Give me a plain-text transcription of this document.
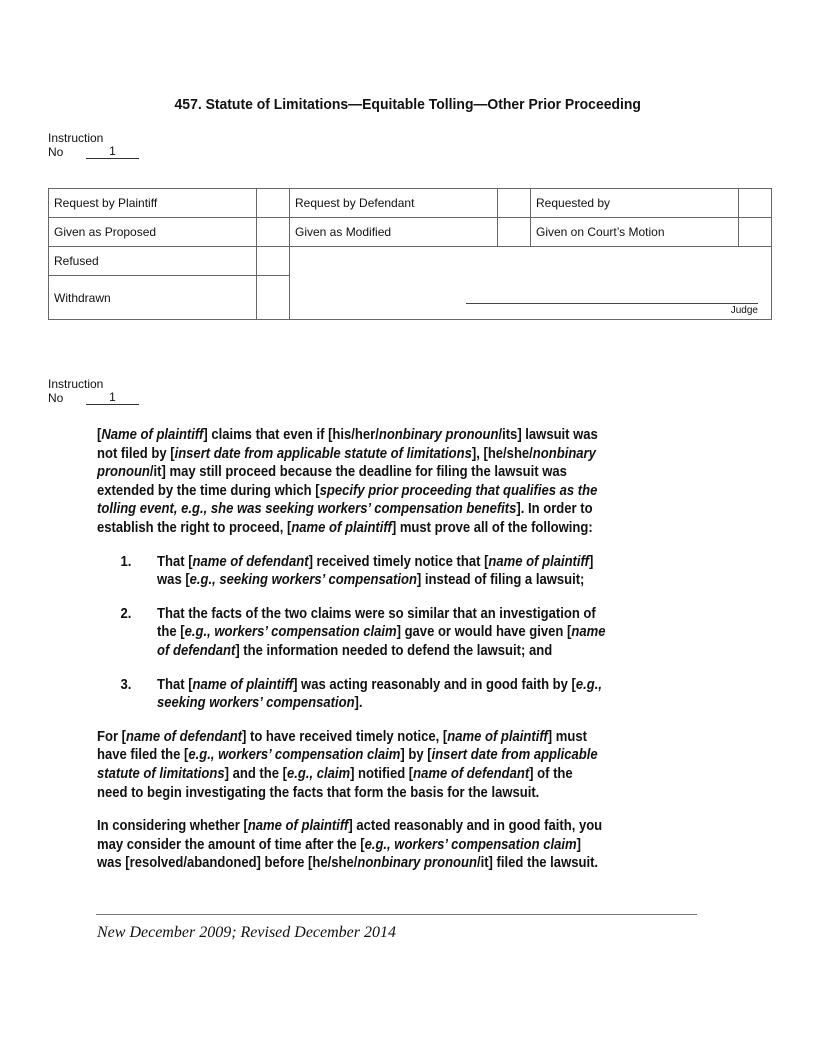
457. Statute of Limitations—Equitable Tolling—Other Prior Proceeding
Instruction
No	1
Request by Plaintiff		Request by Defendant		Requested by	
Given as Proposed		Given as Modified		Given on Court’s Motion	
Refused		Judge			

Withdrawn					
Instruction
No	1
[Name of plaintiff] claims that even if [his/her/nonbinary pronoun/its] lawsuit was
not filed by [insert date from applicable statute of limitations], [he/she/nonbinary
pronoun/it] may still proceed because the deadline for filing the lawsuit was
extended by the time during which [specify prior proceeding that qualifies as the
tolling event, e.g., she was seeking workers’ compensation benefits]. In order to
establish the right to proceed, [name of plaintiff] must prove all of the following:
1. That [name of defendant] received timely notice that [name of plaintiff]
was [e.g., seeking workers’ compensation] instead of filing a lawsuit;
2. That the facts of the two claims were so similar that an investigation of
the [e.g., workers’ compensation claim] gave or would have given [name
of defendant] the information needed to defend the lawsuit; and
3. That [name of plaintiff] was acting reasonably and in good faith by [e.g.,
seeking workers’ compensation].
For [name of defendant] to have received timely notice, [name of plaintiff] must
have filed the [e.g., workers’ compensation claim] by [insert date from applicable
statute of limitations] and the [e.g., claim] notified [name of defendant] of the
need to begin investigating the facts that form the basis for the lawsuit.
In considering whether [name of plaintiff] acted reasonably and in good faith, you
may consider the amount of time after the [e.g., workers’ compensation claim]
was [resolved/abandoned] before [he/she/nonbinary pronoun/it] filed the lawsuit.
New December 2009; Revised December 2014
